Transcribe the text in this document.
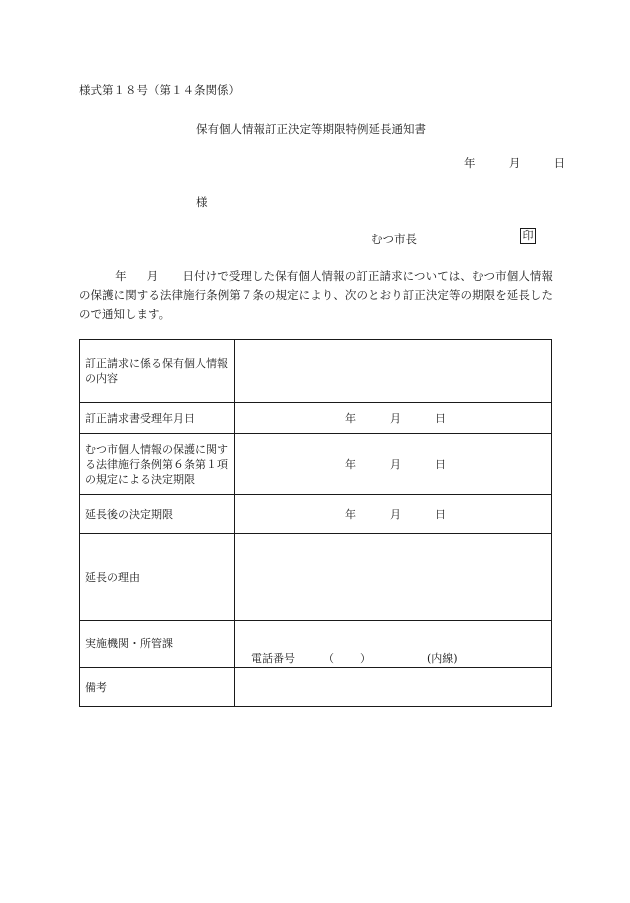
様式第１８号（第１４条関係）
保有個人情報訂正決定等期限特例延長通知書
年	月	日
様
むつ市長	印
年 月 日付けで受理した保有個人情報の訂正請求については、むつ市個人情報の保護に関する法律施行条例第７条の規定により、次のとおり訂正決定等の期限を延長したので通知します。
訂正請求に係る保有個人情報の内容	
訂正請求書受理年月日	年 月 日
むつ市個人情報の保護に関する法律施行条例第６条第１項の規定による決定期限	年 月 日
延長後の決定期限	年 月 日
延長の理由	
実施機関・所管課	電話番号 （ ） (内線)
備考	
